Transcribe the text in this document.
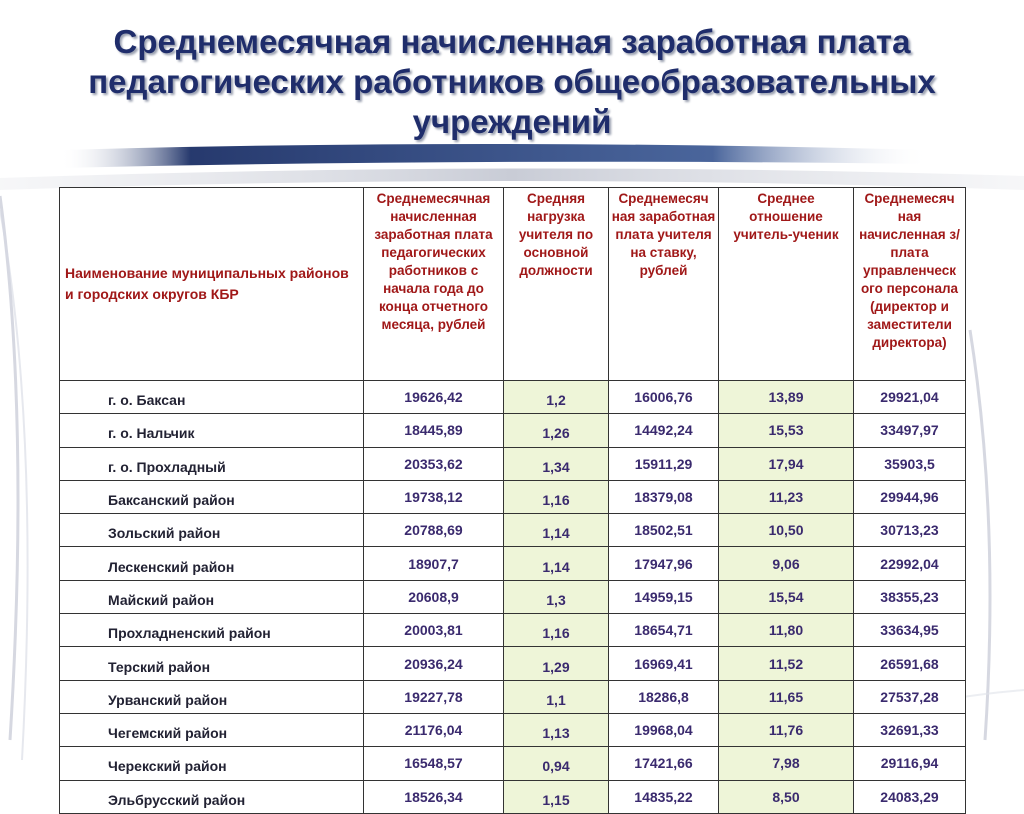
Среднемесячная начисленная заработная плата педагогических работников общеобразовательных учреждений
Наименование муниципальных районов и городских округов КБР	Среднемесячная начисленная заработная плата педагогических работников с начала года до конца отчетного месяца, рублей	Средняя нагрузка учителя по основной должности	Среднемесяч ная заработная плата учителя на ставку, рублей	Среднее отношение учитель-ученик	Среднемесяч ная начисленная з/плата управленческ ого персонала (директор и заместители директора)
г. о. Баксан	19626,42	1,2	16006,76	13,89	29921,04
г. о. Нальчик	18445,89	1,26	14492,24	15,53	33497,97
г. о. Прохладный	20353,62	1,34	15911,29	17,94	35903,5
Баксанский район	19738,12	1,16	18379,08	11,23	29944,96
Зольский район	20788,69	1,14	18502,51	10,50	30713,23
Лескенский район	18907,7	1,14	17947,96	9,06	22992,04
Майский район	20608,9	1,3	14959,15	15,54	38355,23
Прохладненский район	20003,81	1,16	18654,71	11,80	33634,95
Терский район	20936,24	1,29	16969,41	11,52	26591,68
Урванский район	19227,78	1,1	18286,8	11,65	27537,28
Чегемский район	21176,04	1,13	19968,04	11,76	32691,33
Черекский район	16548,57	0,94	17421,66	7,98	29116,94
Эльбрусский район	18526,34	1,15	14835,22	8,50	24083,29
